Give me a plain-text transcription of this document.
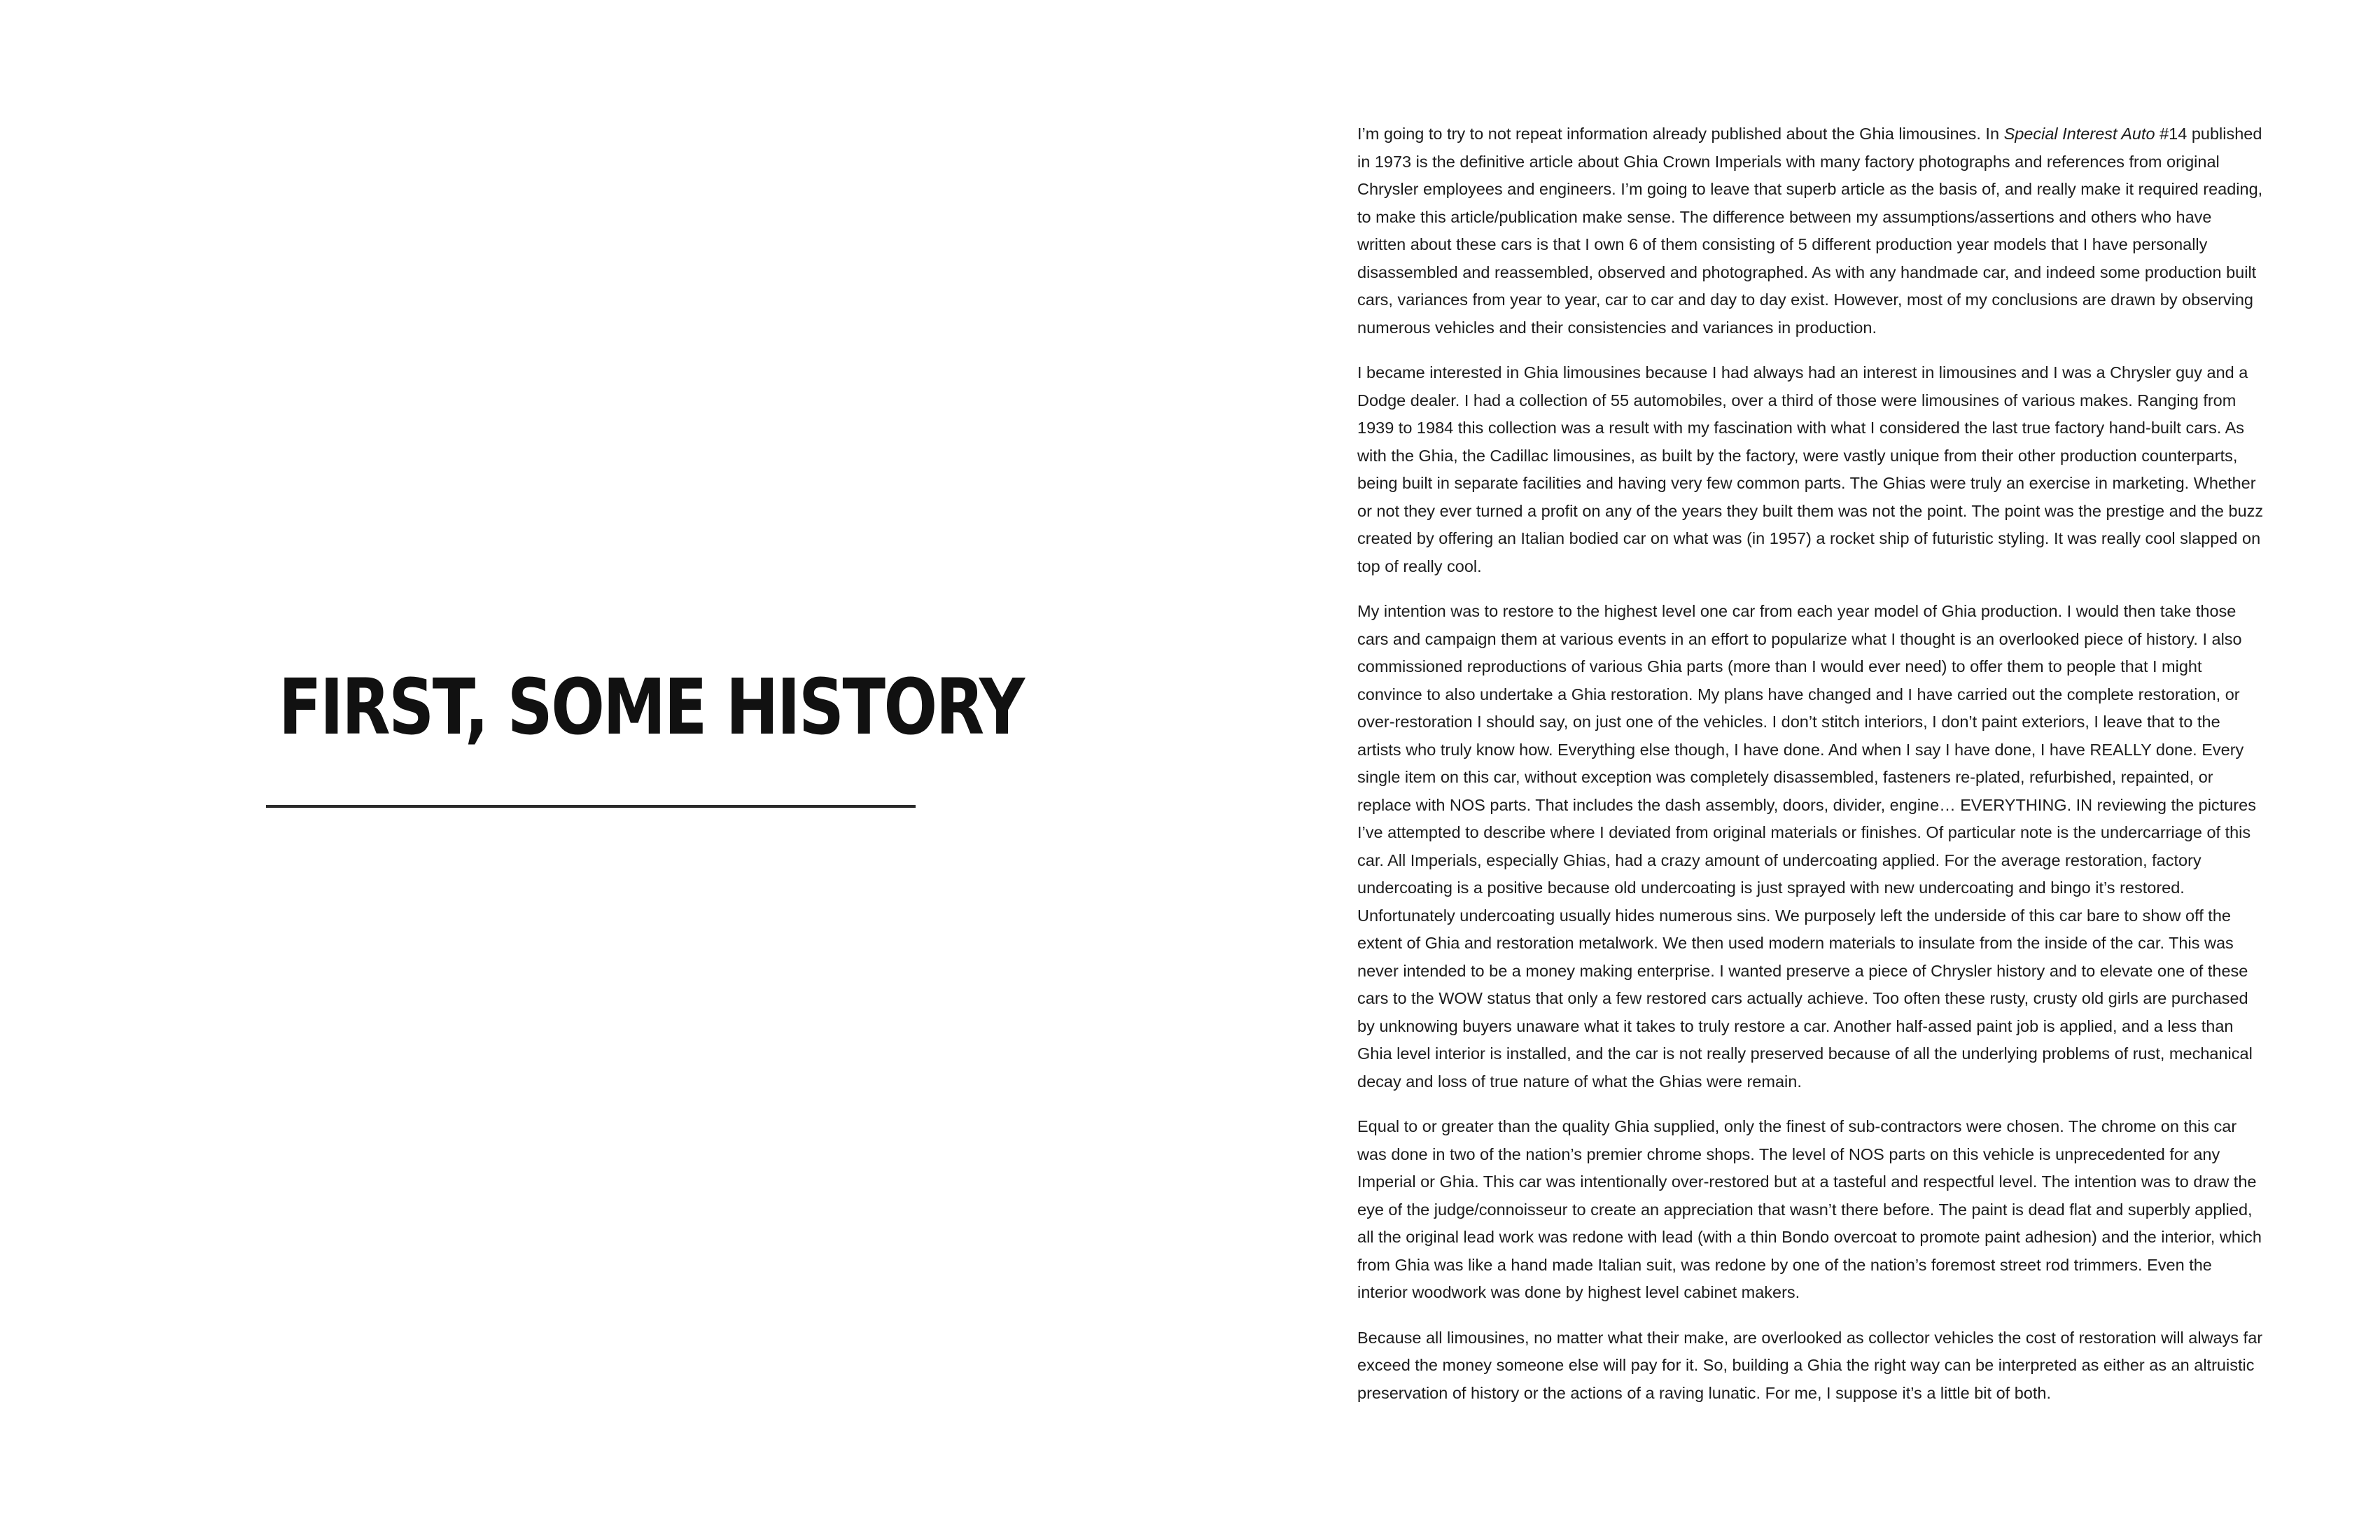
FIRST, SOME HISTORY

I’m going to try to not repeat information already published about the Ghia limousines. In Special Interest Auto #14 published in 1973 is the definitive article about Ghia Crown Imperials with many factory photographs and references from original Chrysler employees and engineers. I’m going to leave that superb article as the basis of, and really make it required reading, to make this article/publication make sense. The difference between my assumptions/assertions and others who have written about these cars is that I own 6 of them consisting of 5 different production year models that I have personally disassembled and reassembled, observed and photographed. As with any handmade car, and indeed some production built cars, variances from year to year, car to car and day to day exist. However, most of my conclusions are drawn by observing numerous vehicles and their consistencies and variances in production.

I became interested in Ghia limousines because I had always had an interest in limousines and I was a Chrysler guy and a Dodge dealer. I had a collection of 55 automobiles, over a third of those were limousines of various makes. Ranging from 1939 to 1984 this collection was a result with my fascination with what I considered the last true factory hand-built cars. As with the Ghia, the Cadillac limousines, as built by the factory, were vastly unique from their other production counterparts, being built in separate facilities and having very few common parts. The Ghias were truly an exercise in marketing. Whether or not they ever turned a profit on any of the years they built them was not the point. The point was the prestige and the buzz created by offering an Italian bodied car on what was (in 1957) a rocket ship of futuristic styling. It was really cool slapped on top of really cool.

My intention was to restore to the highest level one car from each year model of Ghia production. I would then take those cars and campaign them at various events in an effort to popularize what I thought is an overlooked piece of history. I also commissioned reproductions of various Ghia parts (more than I would ever need) to offer them to people that I might convince to also undertake a Ghia restoration. My plans have changed and I have carried out the complete restoration, or over-restoration I should say, on just one of the vehicles. I don’t stitch interiors, I don’t paint exteriors, I leave that to the artists who truly know how. Everything else though, I have done. And when I say I have done, I have REALLY done. Every single item on this car, without exception was completely disassembled, fasteners re-plated, refurbished, repainted, or replace with NOS parts. That includes the dash assembly, doors, divider, engine… EVERYTHING. IN reviewing the pictures I’ve attempted to describe where I deviated from original materials or finishes. Of particular note is the undercarriage of this car. All Imperials, especially Ghias, had a crazy amount of undercoating applied. For the average restoration, factory undercoating is a positive because old undercoating is just sprayed with new undercoating and bingo it’s restored. Unfortunately undercoating usually hides numerous sins. We purposely left the underside of this car bare to show off the extent of Ghia and restoration metalwork. We then used modern materials to insulate from the inside of the car. This was never intended to be a money making enterprise. I wanted preserve a piece of Chrysler history and to elevate one of these cars to the WOW status that only a few restored cars actually achieve. Too often these rusty, crusty old girls are purchased by unknowing buyers unaware what it takes to truly restore a car. Another half-assed paint job is applied, and a less than Ghia level interior is installed, and the car is not really preserved because of all the underlying problems of rust, mechanical decay and loss of true nature of what the Ghias were remain.

Equal to or greater than the quality Ghia supplied, only the finest of sub-contractors were chosen. The chrome on this car was done in two of the nation’s premier chrome shops. The level of NOS parts on this vehicle is unprecedented for any Imperial or Ghia. This car was intentionally over-restored but at a tasteful and respectful level. The intention was to draw the eye of the judge/connoisseur to create an appreciation that wasn’t there before. The paint is dead flat and superbly applied, all the original lead work was redone with lead (with a thin Bondo overcoat to promote paint adhesion) and the interior, which from Ghia was like a hand made Italian suit, was redone by one of the nation’s foremost street rod trimmers. Even the interior woodwork was done by highest level cabinet makers.

Because all limousines, no matter what their make, are overlooked as collector vehicles the cost of restoration will always far exceed the money someone else will pay for it. So, building a Ghia the right way can be interpreted as either as an altruistic preservation of history or the actions of a raving lunatic. For me, I suppose it’s a little bit of both.
